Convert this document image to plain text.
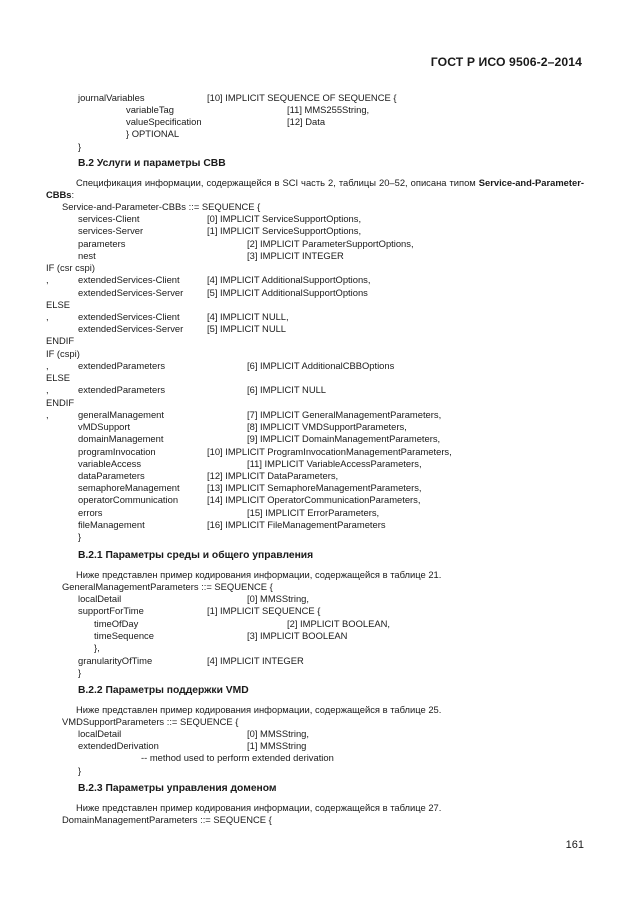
ГОСТ Р ИСО 9506-2–2014
journalVariables	[10] IMPLICIT SEQUENCE OF SEQUENCE {
variableTag	[11] MMS255String,
valueSpecification	[12] Data
} OPTIONAL
}
B.2 Услуги и параметры CBB
Спецификация информации, содержащейся в SCI часть 2, таблицы 20–52, описана типом Service-and-Parameter-CBBs:
Service-and-Parameter-CBBs ::= SEQUENCE {
services-Client	[0] IMPLICIT ServiceSupportOptions,
services-Server	[1] IMPLICIT ServiceSupportOptions,
parameters	[2] IMPLICIT ParameterSupportOptions,
nest	[3] IMPLICIT INTEGER
IF (csr cspi)
,	extendedServices-Client	[4] IMPLICIT AdditionalSupportOptions,
extendedServices-Server	[5] IMPLICIT AdditionalSupportOptions
ELSE
,	extendedServices-Client	[4] IMPLICIT NULL,
extendedServices-Server	[5] IMPLICIT NULL
ENDIF
IF (cspi)
,	extendedParameters	[6] IMPLICIT AdditionalCBBOptions
ELSE
,	extendedParameters	[6] IMPLICIT NULL
ENDIF
,	generalManagement	[7] IMPLICIT GeneralManagementParameters,
vMDSupport	[8] IMPLICIT VMDSupportParameters,
domainManagement	[9] IMPLICIT DomainManagementParameters,
programInvocation	[10] IMPLICIT ProgramInvocationManagementParameters,
variableAccess	[11] IMPLICIT VariableAccessParameters,
dataParameters	[12] IMPLICIT DataParameters,
semaphoreManagement	[13] IMPLICIT SemaphoreManagementParameters,
operatorCommunication	[14] IMPLICIT OperatorCommunicationParameters,
errors	[15] IMPLICIT ErrorParameters,
fileManagement	[16] IMPLICIT FileManagementParameters
}
B.2.1 Параметры среды и общего управления
Ниже представлен пример кодирования информации, содержащейся в таблице 21.
GeneralManagementParameters ::= SEQUENCE {
localDetail	[0] MMSString,
supportForTime	[1] IMPLICIT SEQUENCE {
timeOfDay	[2] IMPLICIT BOOLEAN,
timeSequence	[3] IMPLICIT BOOLEAN
},
granularityOfTime	[4] IMPLICIT INTEGER
}
B.2.2 Параметры поддержки VMD
Ниже представлен пример кодирования информации, содержащейся в таблице 25.
VMDSupportParameters ::= SEQUENCE {
localDetail	[0] MMSString,
extendedDerivation	[1] MMSString
-- method used to perform extended derivation
}
B.2.3 Параметры управления доменом
Ниже представлен пример кодирования информации, содержащейся в таблице 27.
DomainManagementParameters ::= SEQUENCE {
161
